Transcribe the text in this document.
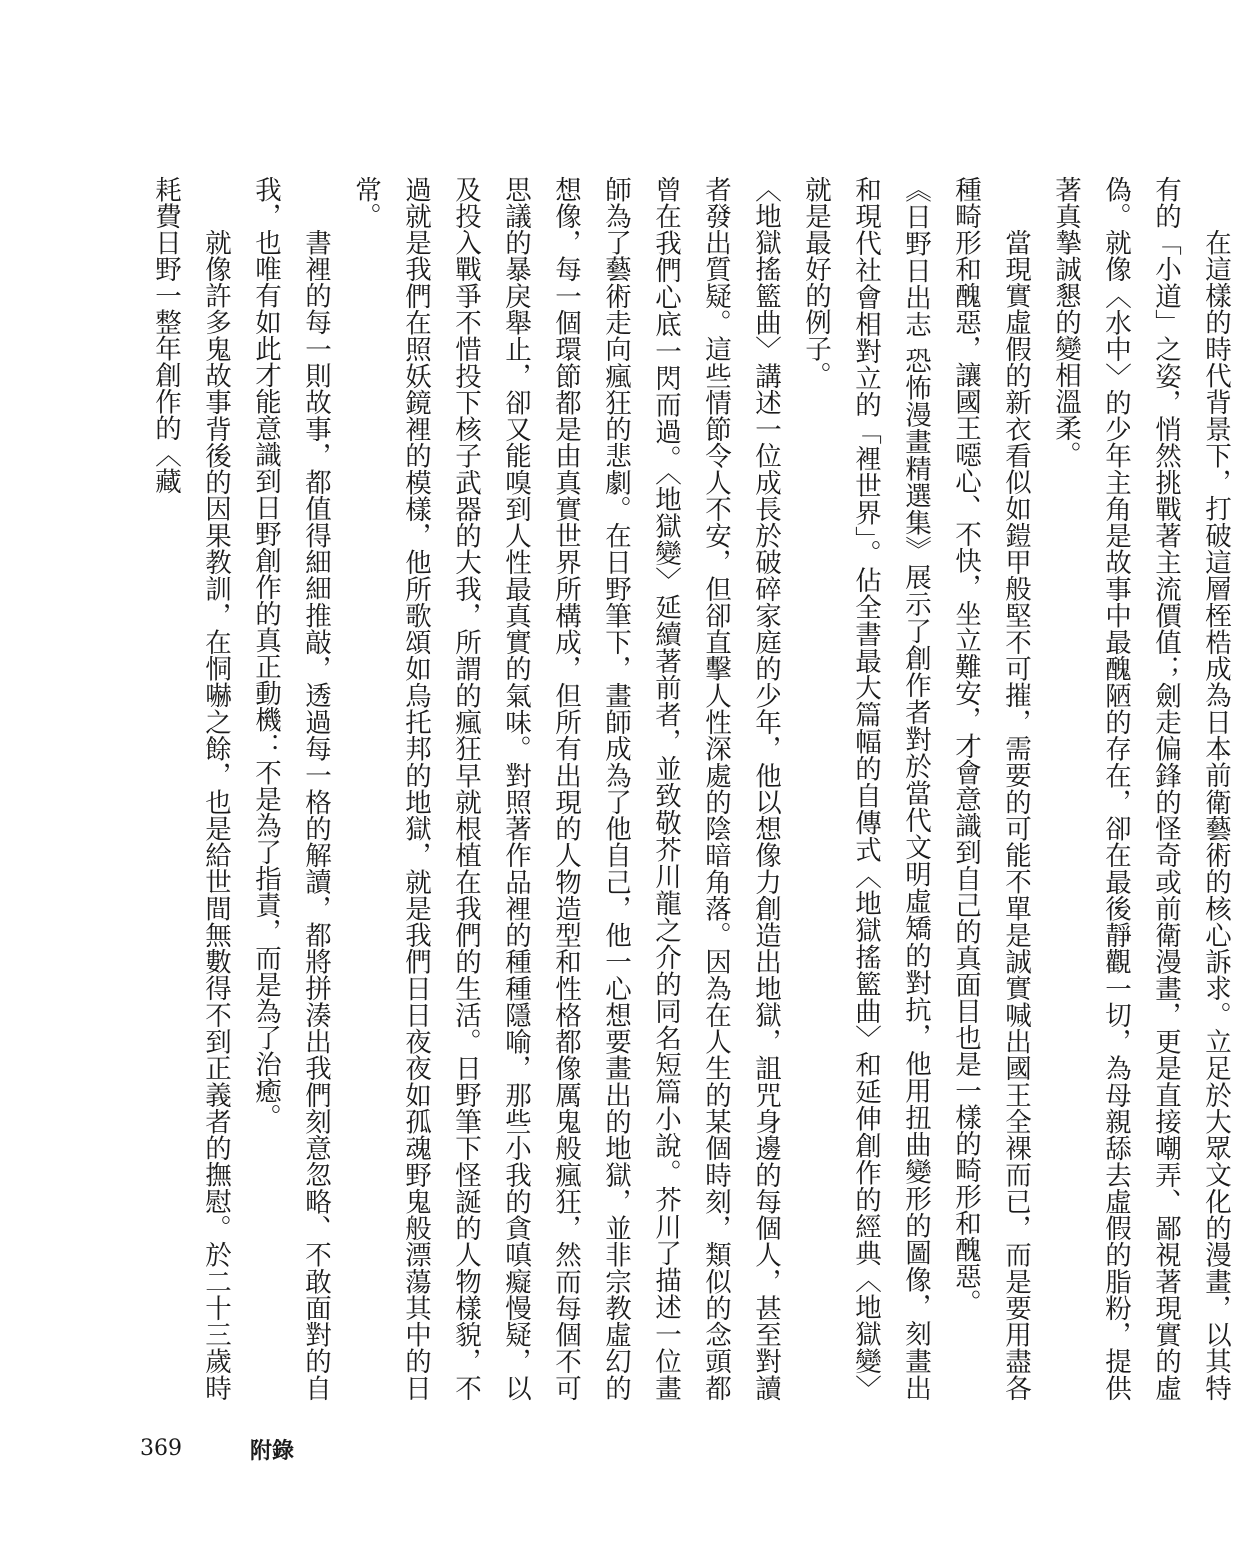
在這樣的時代背景下，打破這層桎梏成為日本前衛藝術的核心訴求。立足於大眾文化的漫畫，以其特有的「小道」之姿，悄然挑戰著主流價值；劍走偏鋒的怪奇或前衛漫畫，更是直接嘲弄、鄙視著現實的虛偽。就像〈水中〉的少年主角是故事中最醜陋的存在，卻在最後靜觀一切，為母親舔去虛假的脂粉，提供著真摯誠懇的變相溫柔。

當現實虛假的新衣看似如鎧甲般堅不可摧，需要的可能不單是誠實喊出國王全裸而已，而是要用盡各種畸形和醜惡，讓國王噁心、不快，坐立難安，才會意識到自己的真面目也是一樣的畸形和醜惡。

《日野日出志 恐怖漫畫精選集》展示了創作者對於當代文明虛矯的對抗，他用扭曲變形的圖像，刻畫出和現代社會相對立的「裡世界」。佔全書最大篇幅的自傳式〈地獄搖籃曲〉和延伸創作的經典〈地獄變〉就是最好的例子。

〈地獄搖籃曲〉講述一位成長於破碎家庭的少年，他以想像力創造出地獄，詛咒身邊的每個人，甚至對讀者發出質疑。這些情節令人不安，但卻直擊人性深處的陰暗角落。因為在人生的某個時刻，類似的念頭都曾在我們心底一閃而過。〈地獄變〉延續著前者，並致敬芥川龍之介的同名短篇小說。芥川了描述一位畫師為了藝術走向瘋狂的悲劇。在日野筆下，畫師成為了他自己，他一心想要畫出的地獄，並非宗教虛幻的想像，每一個環節都是由真實世界所構成，但所有出現的人物造型和性格都像厲鬼般瘋狂，然而每個不可思議的暴戾舉止，卻又能嗅到人性最真實的氣味。對照著作品裡的種種隱喻，那些小我的貪嗔癡慢疑，以及投入戰爭不惜投下核子武器的大我，所謂的瘋狂早就根植在我們的生活。日野筆下怪誕的人物樣貌，不過就是我們在照妖鏡裡的模樣，他所歌頌如烏托邦的地獄，就是我們日日夜夜如孤魂野鬼般漂蕩其中的日常。

書裡的每一則故事，都值得細細推敲，透過每一格的解讀，都將拼湊出我們刻意忽略、不敢面對的自我，也唯有如此才能意識到日野創作的真正動機：不是為了指責，而是為了治癒。

就像許多鬼故事背後的因果教訓，在恫嚇之餘，也是給世間無數得不到正義者的撫慰。於二十三歲時耗費日野一整年創作的〈藏

369	附錄
